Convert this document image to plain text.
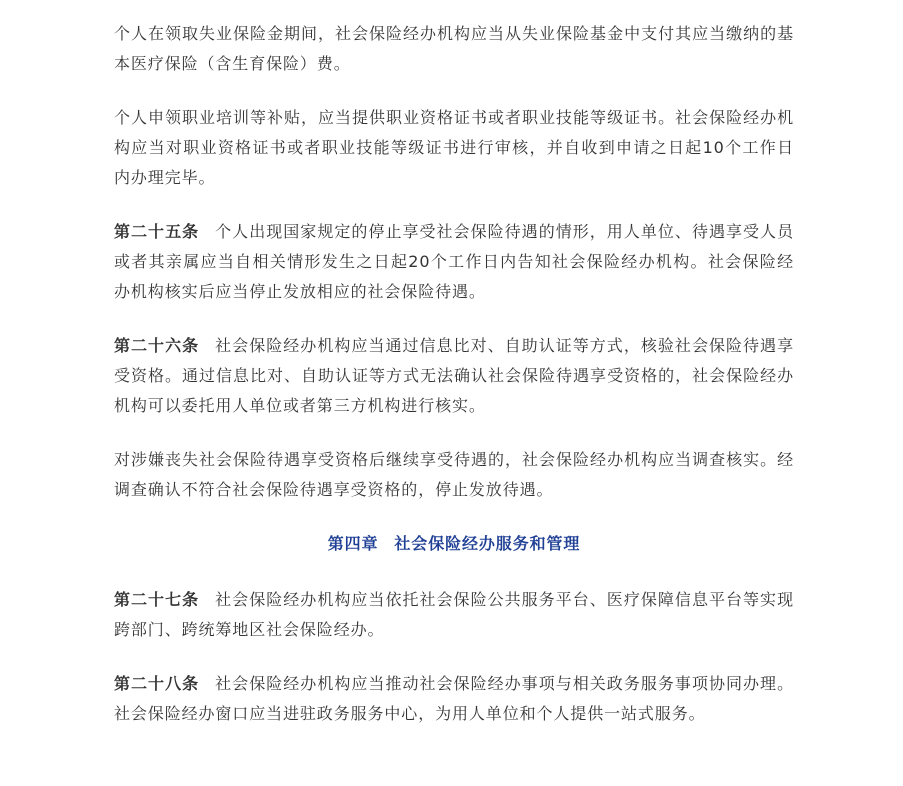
个人在领取失业保险金期间，社会保险经办机构应当从失业保险基金中支付其应当缴纳的基本医疗保险（含生育保险）费。

个人申领职业培训等补贴，应当提供职业资格证书或者职业技能等级证书。社会保险经办机构应当对职业资格证书或者职业技能等级证书进行审核，并自收到申请之日起10个工作日内办理完毕。

第二十五条 个人出现国家规定的停止享受社会保险待遇的情形，用人单位、待遇享受人员或者其亲属应当自相关情形发生之日起20个工作日内告知社会保险经办机构。社会保险经办机构核实后应当停止发放相应的社会保险待遇。

第二十六条 社会保险经办机构应当通过信息比对、自助认证等方式，核验社会保险待遇享受资格。通过信息比对、自助认证等方式无法确认社会保险待遇享受资格的，社会保险经办机构可以委托用人单位或者第三方机构进行核实。

对涉嫌丧失社会保险待遇享受资格后继续享受待遇的，社会保险经办机构应当调查核实。经调查确认不符合社会保险待遇享受资格的，停止发放待遇。

第四章 社会保险经办服务和管理

第二十七条 社会保险经办机构应当依托社会保险公共服务平台、医疗保障信息平台等实现跨部门、跨统筹地区社会保险经办。

第二十八条 社会保险经办机构应当推动社会保险经办事项与相关政务服务事项协同办理。社会保险经办窗口应当进驻政务服务中心，为用人单位和个人提供一站式服务。
